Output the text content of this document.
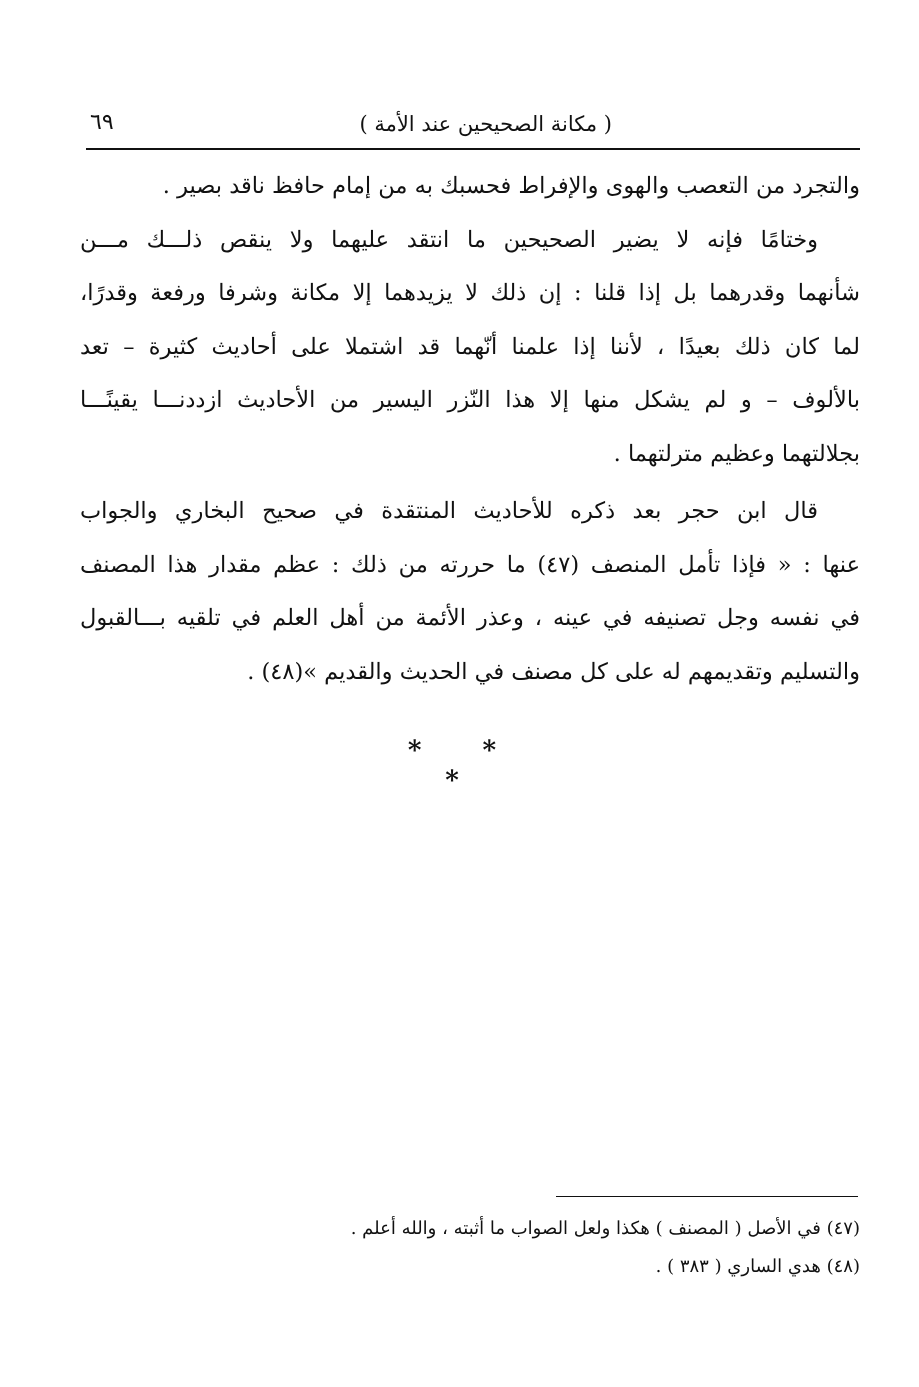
( مكانة الصحيحين عند الأمة )
٦٩
والتجرد من التعصب والهوى والإفراط فحسبك به من إمام حافظ ناقد بصير .
وختامًا فإنه لا يضير الصحيحين ما انتقد عليهما ولا ينقص ذلـــك مـــن
شأنهما وقدرهما بل إذا قلنا : إن ذلك لا يزيدهما إلا مكانة وشرفا ورفعة وقدرًا،
لما كان ذلك بعيدًا ، لأننا إذا علمنا أنّهما قد اشتملا على أحاديث كثيرة – تعد
بالألوف – و لم يشكل منها إلا هذا النّزر اليسير من الأحاديث ازددنـــا يقينًـــا
بجلالتهما وعظيم مترلتهما .
قال ابن حجر بعد ذكره للأحاديث المنتقدة في صحيح البخاري والجواب
عنها : « فإذا تأمل المنصف (٤٧) ما حررته من ذلك : عظم مقدار هذا المصنف
في نفسه وجل تصنيفه في عينه ، وعذر الأئمة من أهل العلم في تلقيه بـــالقبول
والتسليم وتقديمهم له على كل مصنف في الحديث والقديم »(٤٨) .
* * *
(٤٧) في الأصل ( المصنف ) هكذا ولعل الصواب ما أثبته ، والله أعلم .
(٤٨) هدي الساري ( ٣٨٣ ) .
